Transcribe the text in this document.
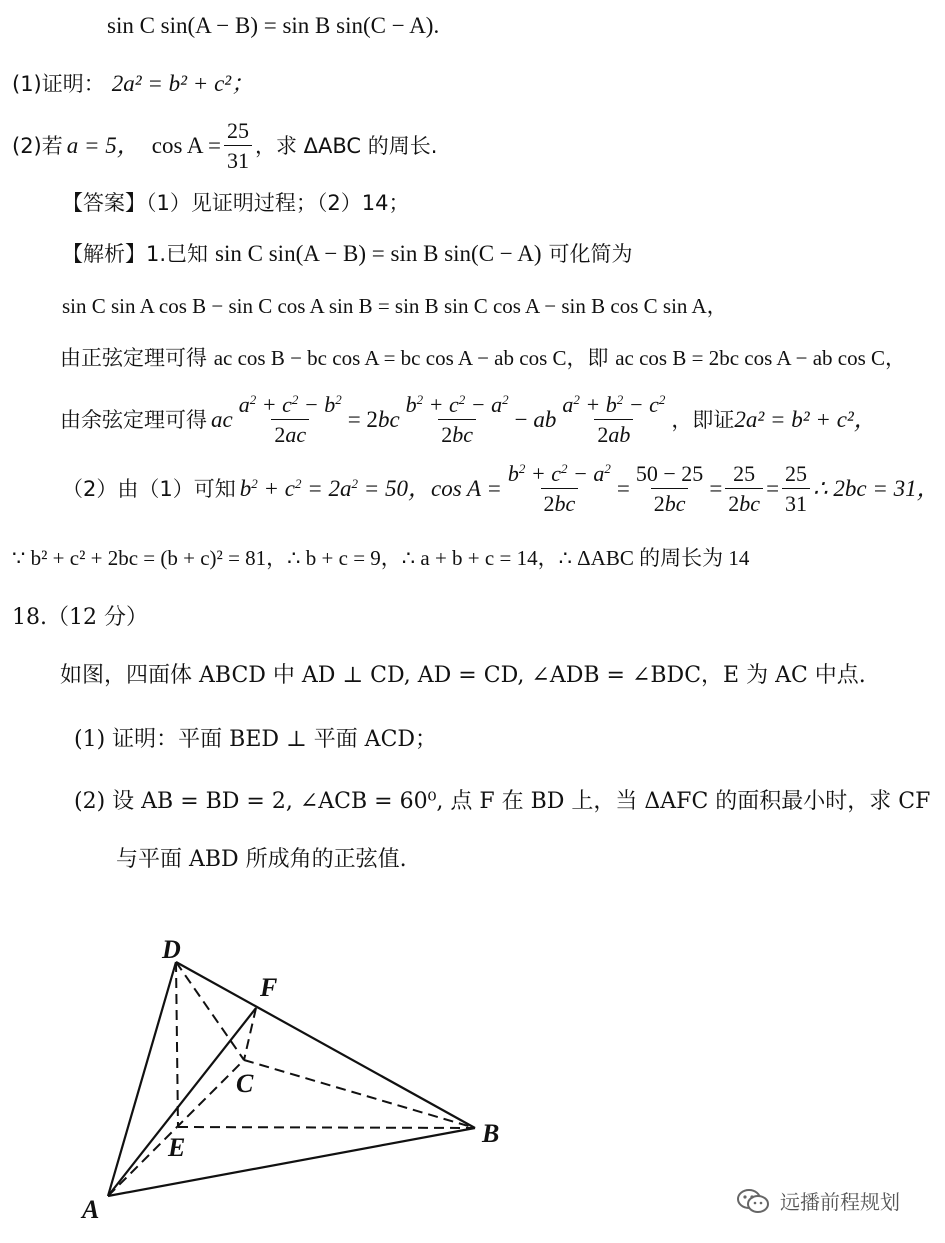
sin C sin(A − B) = sin B sin(C − A).
(1)证明： 2a² = b² + c²；
(2)若 a = 5， $\cos A = \frac{25}{31}$ ，求 ΔABC 的周长.
【答案】（1）见证明过程；（2）14；
【解析】1.已知 sin C sin(A − B) = sin B sin(C − A) 可化简为
sin C sin A cos B − sin C cos A sin B = sin B sin C cos A − sin B cos C sin A，
由正弦定理可得 ac cos B − bc cos A = bc cos A − ab cos C，即 ac cos B = 2bc cos A − ab cos C，
由余弦定理可得 ac $\frac{a^2 + c^2 - b^2}{2ac} = 2bc \frac{b^2 + c^2 - a^2}{2bc}$ − ab $\frac{a^2 + b^2 - c^2}{2ab}$ ，即证 2a² = b² + c²，
（2）由（1）可知 $b^2 + c^2 = 2a^2 = 50$，$\cos A = \frac{b^2 + c^2 - a^2}{2bc} = \frac{50 - 25}{2bc} = \frac{25}{2bc} = \frac{25}{31}$ ∴ 2bc = 31，
∵ b² + c² + 2bc = (b + c)² = 81，∴ b + c = 9，∴ a + b + c = 14，∴ ΔABC 的周长为 14
18.（12 分）
如图，四面体 ABCD 中 AD ⊥ CD, AD = CD, ∠ADB = ∠BDC，E 为 AC 中点.
(1) 证明：平面 BED ⊥ 平面 ACD；
(2) 设 AB = BD = 2, ∠ACB = 60⁰, 点 F 在 BD 上，当 ΔAFC 的面积最小时，求 CF
与平面 ABD 所成角的正弦值.
D
F
C
E	B
A	远播前程规划
